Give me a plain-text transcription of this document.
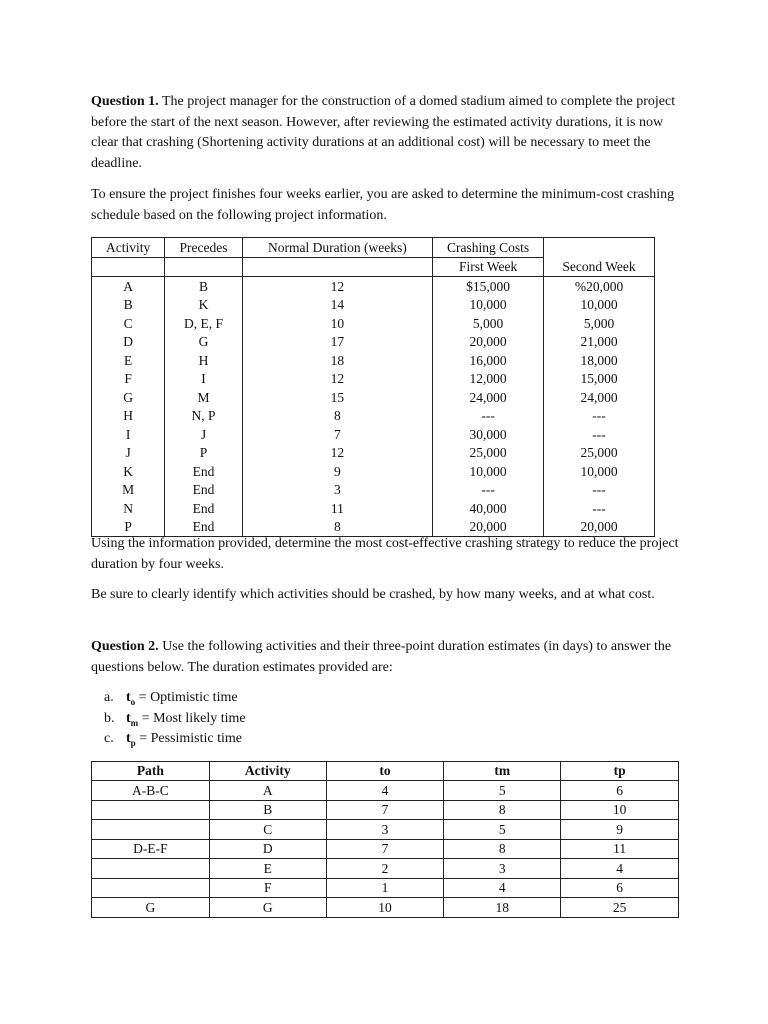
Question 1. The project manager for the construction of a domed stadium aimed to complete the project before the start of the next season. However, after reviewing the estimated activity durations, it is now clear that crashing (Shortening activity durations at an additional cost) will be necessary to meet the deadline.

To ensure the project finishes four weeks earlier, you are asked to determine the minimum-cost crashing schedule based on the following project information.

Activity	Precedes	Normal Duration (weeks)	Crashing Costs	
			First Week	Second Week
A	B	12	$15,000	%20,000
B	K	14	10,000	10,000
C	D, E, F	10	5,000	5,000
D	G	17	20,000	21,000
E	H	18	16,000	18,000
F	I	12	12,000	15,000
G	M	15	24,000	24,000
H	N, P	8	---	---
I	J	7	30,000	---
J	P	12	25,000	25,000
K	End	9	10,000	10,000
M	End	3	---	---
N	End	11	40,000	---
P	End	8	20,000	20,000

Using the information provided, determine the most cost-effective crashing strategy to reduce the project duration by four weeks.

Be sure to clearly identify which activities should be crashed, by how many weeks, and at what cost.

Question 2. Use the following activities and their three-point duration estimates (in days) to answer the questions below. The duration estimates provided are:

a. $t_o$ = Optimistic time
b. $t_m$ = Most likely time
c. $t_p$ = Pessimistic time
Path	Activity	to	tm	tp
A-B-C	A	4	5	6
	B	7	8	10
	C	3	5	9
D-E-F	D	7	8	11
	E	2	3	4
	F	1	4	6
G	G	10	18	25
